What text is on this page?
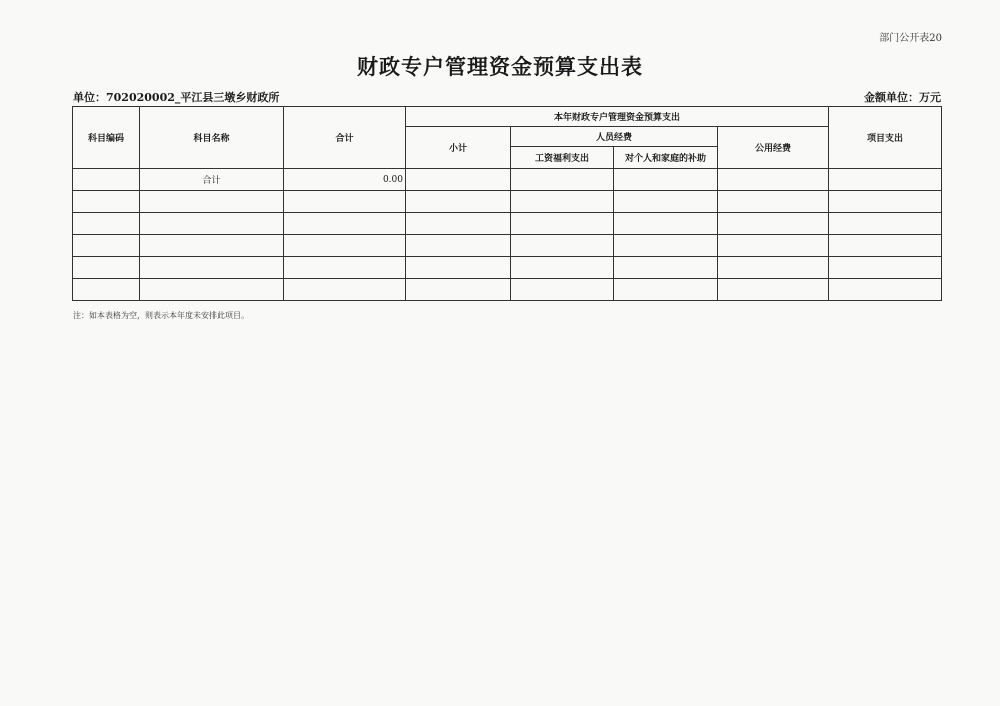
部门公开表20
财政专户管理资金预算支出表
单位：702020002_平江县三墩乡财政所	金额单位：万元
科目编码	科目名称	合计	本年财政专户管理资金预算支出				项目支出
			小计	人员经费		公用经费	
				工资福利支出	对个人和家庭的补助		
	合计	0.00					

注：如本表格为空，则表示本年度未安排此项目。
